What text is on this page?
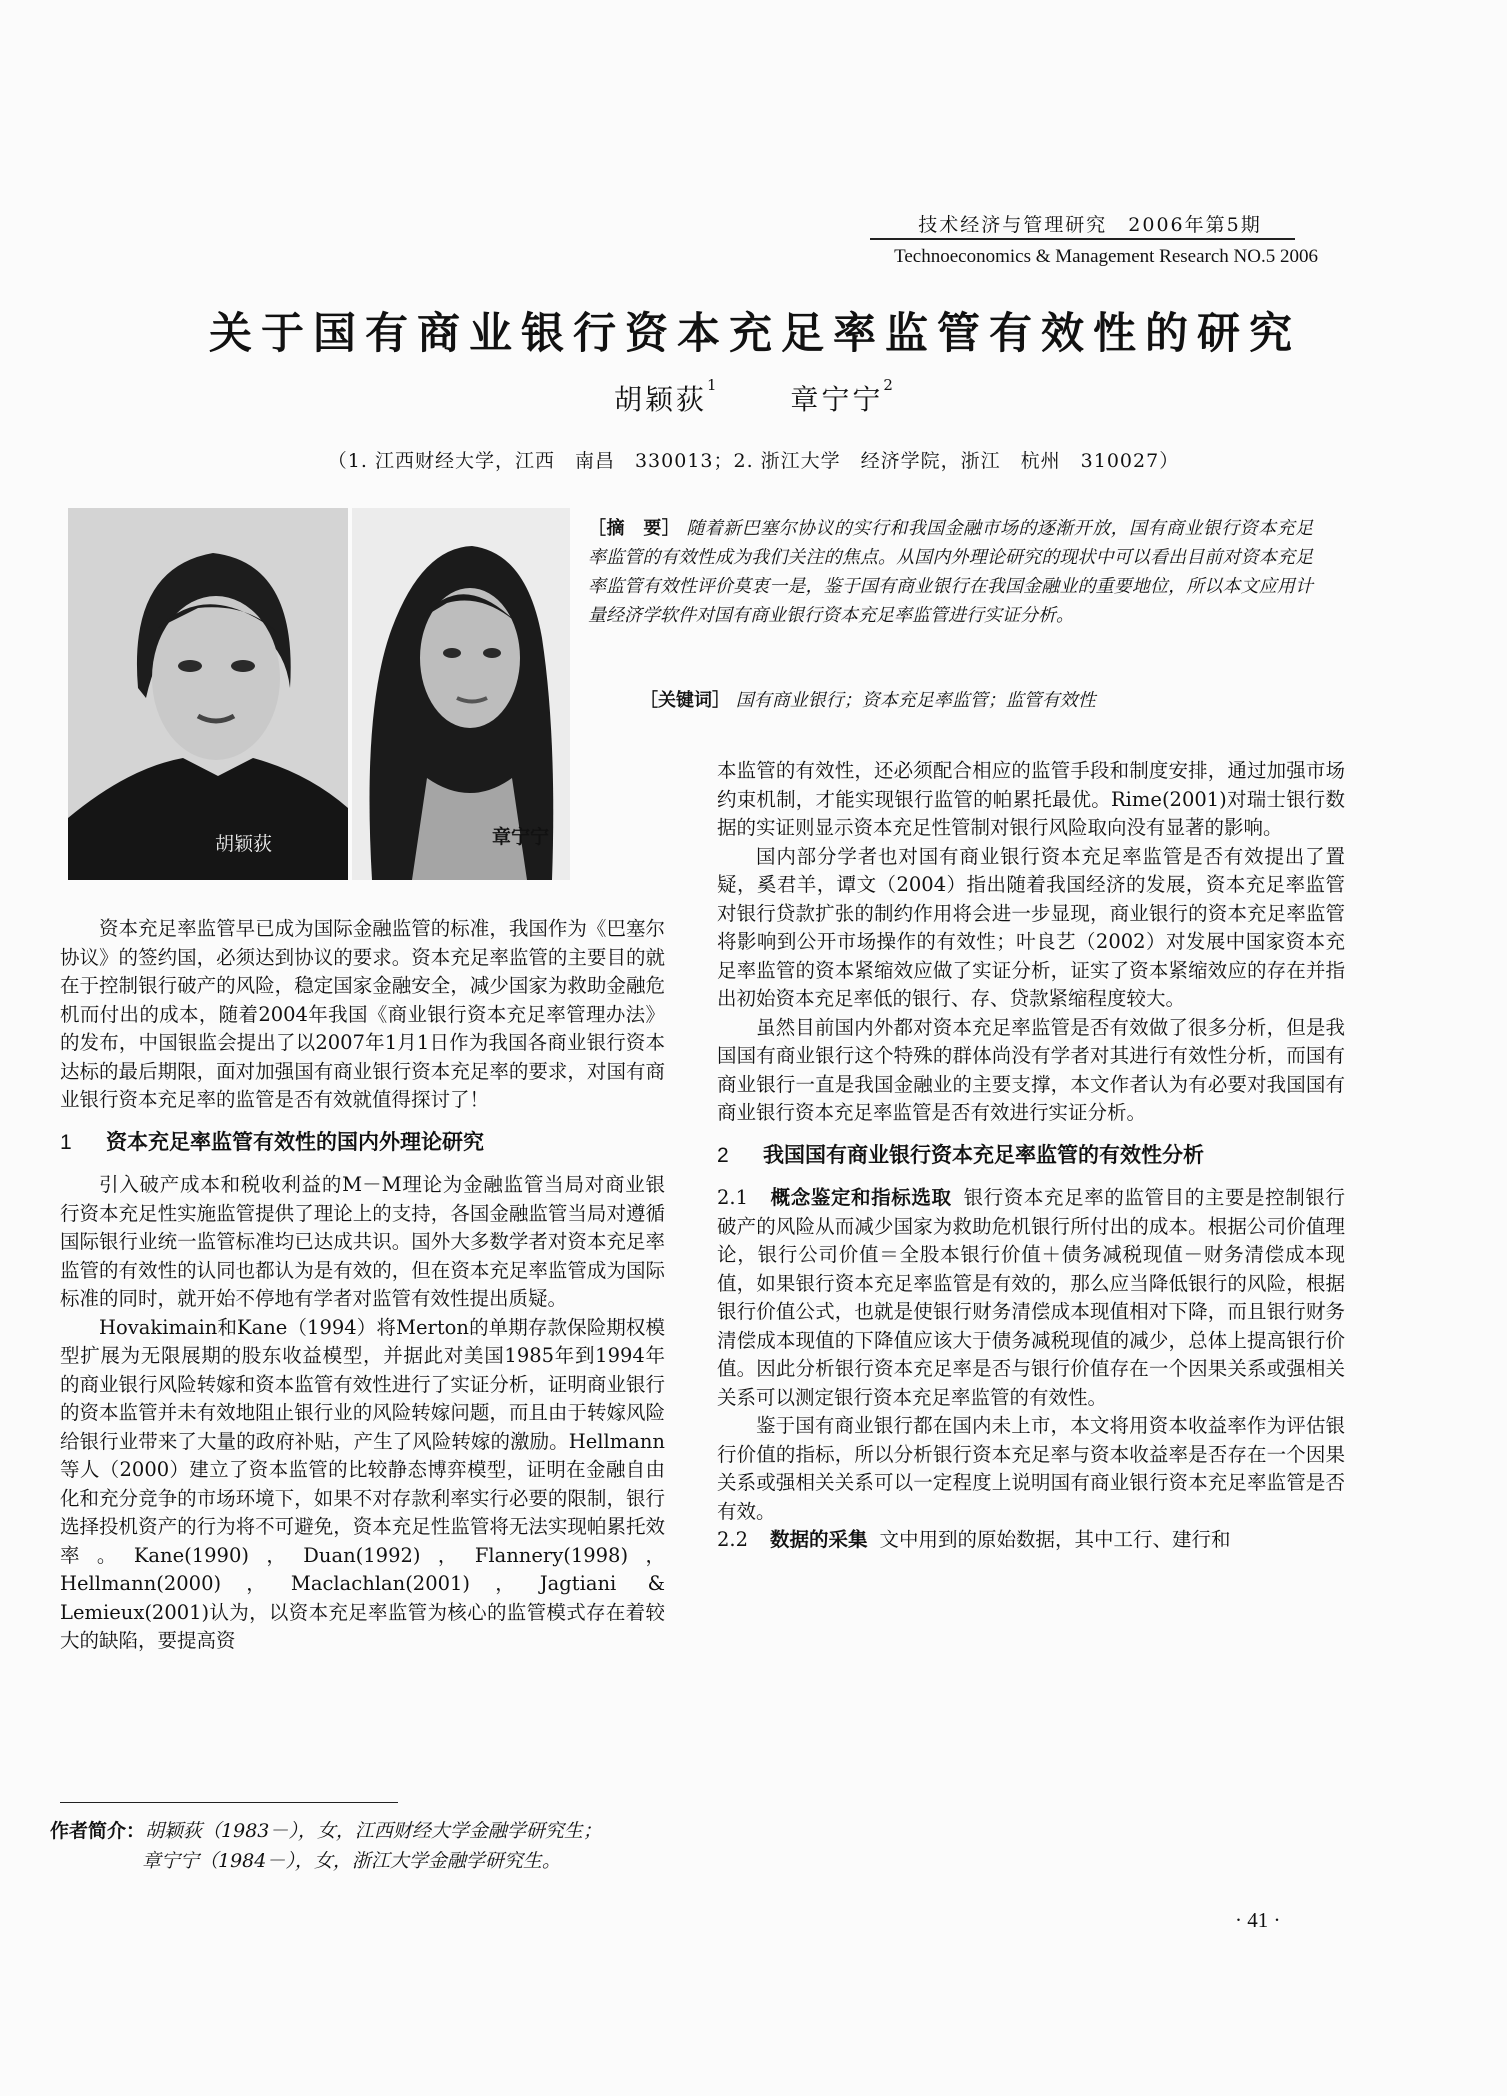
技术经济与管理研究　2006年第5期
Technoeconomics & Management Research NO.5 2006
关于国有商业银行资本充足率监管有效性的研究
胡颖荻$^1$	章宁宁$^2$
（1. 江西财经大学，江西　南昌　330013；2. 浙江大学　经济学院，浙江　杭州　310027）
胡颖荻	章宁宁
［摘　要］ 随着新巴塞尔协议的实行和我国金融市场的逐渐开放，国有商业银行资本充足率监管的有效性成为我们关注的焦点。从国内外理论研究的现状中可以看出目前对资本充足率监管有效性评价莫衷一是，鉴于国有商业银行在我国金融业的重要地位，所以本文应用计量经济学软件对国有商业银行资本充足率监管进行实证分析。
［关键词］ 国有商业银行；资本充足率监管；监管有效性

资本充足率监管早已成为国际金融监管的标准，我国作为《巴塞尔协议》的签约国，必须达到协议的要求。资本充足率监管的主要目的就在于控制银行破产的风险，稳定国家金融安全，减少国家为救助金融危机而付出的成本，随着2004年我国《商业银行资本充足率管理办法》的发布，中国银监会提出了以2007年1月1日作为我国各商业银行资本达标的最后期限，面对加强国有商业银行资本充足率的要求，对国有商业银行资本充足率的监管是否有效就值得探讨了！

1 资本充足率监管有效性的国内外理论研究

引入破产成本和税收利益的M－M理论为金融监管当局对商业银行资本充足性实施监管提供了理论上的支持，各国金融监管当局对遵循国际银行业统一监管标准均已达成共识。国外大多数学者对资本充足率监管的有效性的认同也都认为是有效的，但在资本充足率监管成为国际标准的同时，就开始不停地有学者对监管有效性提出质疑。

Hovakimain和Kane（1994）将Merton的单期存款保险期权模型扩展为无限展期的股东收益模型，并据此对美国1985年到1994年的商业银行风险转嫁和资本监管有效性进行了实证分析，证明商业银行的资本监管并未有效地阻止银行业的风险转嫁问题，而且由于转嫁风险给银行业带来了大量的政府补贴，产生了风险转嫁的激励。Hellmann等人（2000）建立了资本监管的比较静态博弈模型，证明在金融自由化和充分竞争的市场环境下，如果不对存款利率实行必要的限制，银行选择投机资产的行为将不可避免，资本充足性监管将无法实现帕累托效率。Kane(1990)，Duan(1992)，Flannery(1998)，Hellmann(2000)，Maclachlan(2001)，Jagtiani & Lemieux(2001)认为，以资本充足率监管为核心的监管模式存在着较大的缺陷，要提高资

本监管的有效性，还必须配合相应的监管手段和制度安排，通过加强市场约束机制，才能实现银行监管的帕累托最优。Rime(2001)对瑞士银行数据的实证则显示资本充足性管制对银行风险取向没有显著的影响。

国内部分学者也对国有商业银行资本充足率监管是否有效提出了置疑，奚君羊，谭文（2004）指出随着我国经济的发展，资本充足率监管对银行贷款扩张的制约作用将会进一步显现，商业银行的资本充足率监管将影响到公开市场操作的有效性；叶良艺（2002）对发展中国家资本充足率监管的资本紧缩效应做了实证分析，证实了资本紧缩效应的存在并指出初始资本充足率低的银行、存、贷款紧缩程度较大。

虽然目前国内外都对资本充足率监管是否有效做了很多分析，但是我国国有商业银行这个特殊的群体尚没有学者对其进行有效性分析，而国有商业银行一直是我国金融业的主要支撑，本文作者认为有必要对我国国有商业银行资本充足率监管是否有效进行实证分析。

2 我国国有商业银行资本充足率监管的有效性分析

2.1 概念鉴定和指标选取 银行资本充足率的监管目的主要是控制银行破产的风险从而减少国家为救助危机银行所付出的成本。根据公司价值理论，银行公司价值＝全股本银行价值＋债务减税现值－财务清偿成本现值，如果银行资本充足率监管是有效的，那么应当降低银行的风险，根据银行价值公式，也就是使银行财务清偿成本现值相对下降，而且银行财务清偿成本现值的下降值应该大于债务减税现值的减少，总体上提高银行价值。因此分析银行资本充足率是否与银行价值存在一个因果关系或强相关关系可以测定银行资本充足率监管的有效性。

鉴于国有商业银行都在国内未上市，本文将用资本收益率作为评估银行价值的指标，所以分析银行资本充足率与资本收益率是否存在一个因果关系或强相关关系可以一定程度上说明国有商业银行资本充足率监管是否有效。

2.2 数据的采集 文中用到的原始数据，其中工行、建行和

作者简介：胡颖荻（1983－），女，江西财经大学金融学研究生；
章宁宁（1984－），女，浙江大学金融学研究生。
· 41 ·
